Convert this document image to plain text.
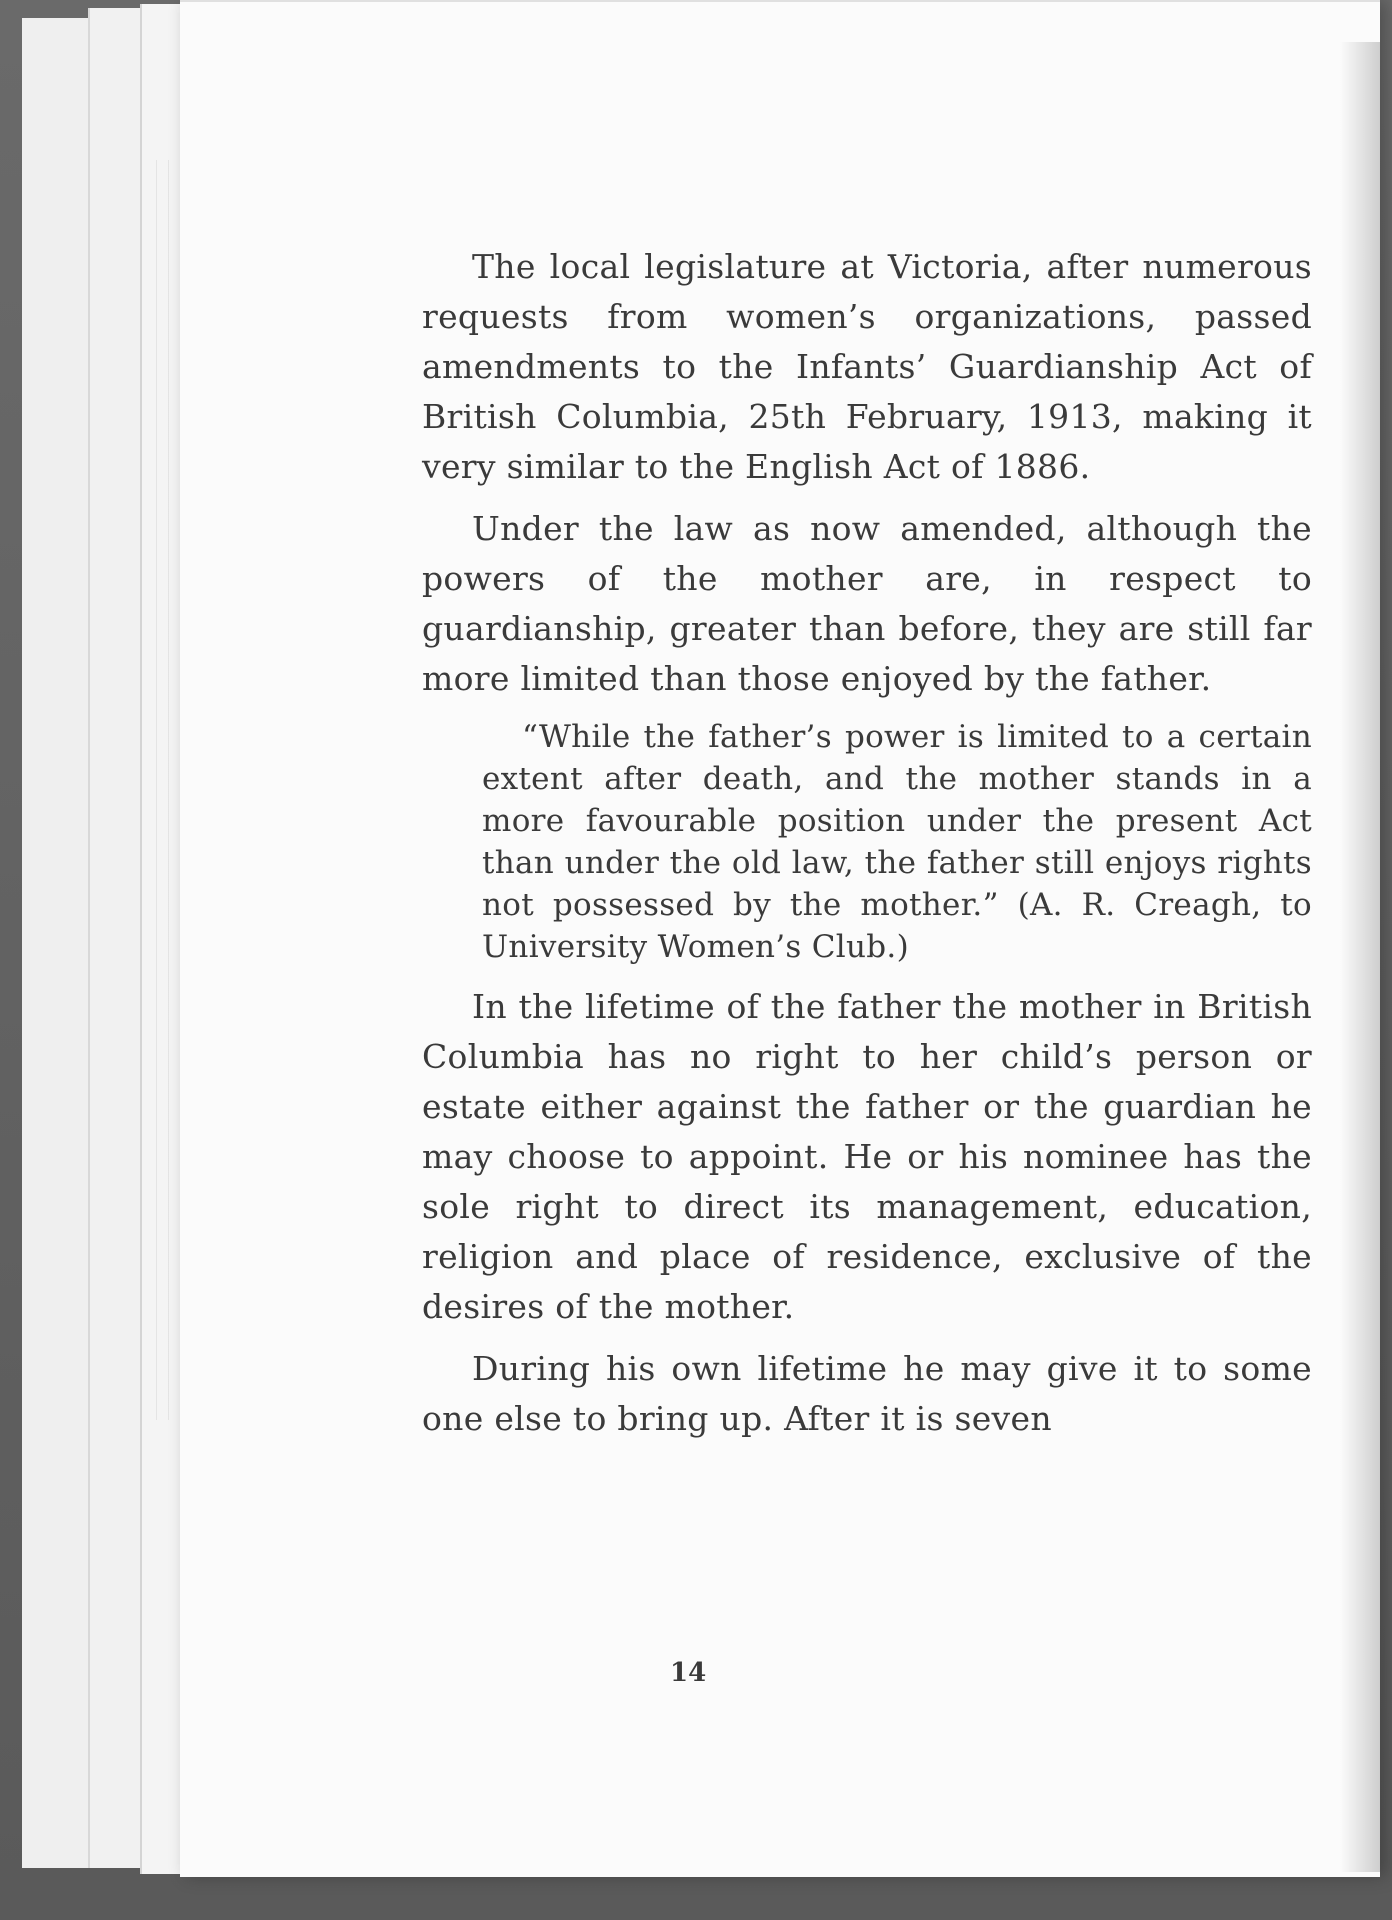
The local legislature at Victoria, after numerous requests from women’s organizations, passed amendments to the Infants’ Guardianship Act of British Columbia, 25th February, 1913, making it very similar to the English Act of 1886.

Under the law as now amended, although the powers of the mother are, in respect to guardianship, greater than before, they are still far more limited than those enjoyed by the father.

“While the father’s power is limited to a certain extent after death, and the mother stands in a more favourable position under the present Act than under the old law, the father still enjoys rights not possessed by the mother.” (A. R. Creagh, to University Women’s Club.)

In the lifetime of the father the mother in British Columbia has no right to her child’s person or estate either against the father or the guardian he may choose to appoint. He or his nominee has the sole right to direct its management, education, religion and place of residence, exclusive of the desires of the mother.

During his own lifetime he may give it to some one else to bring up. After it is seven

14
